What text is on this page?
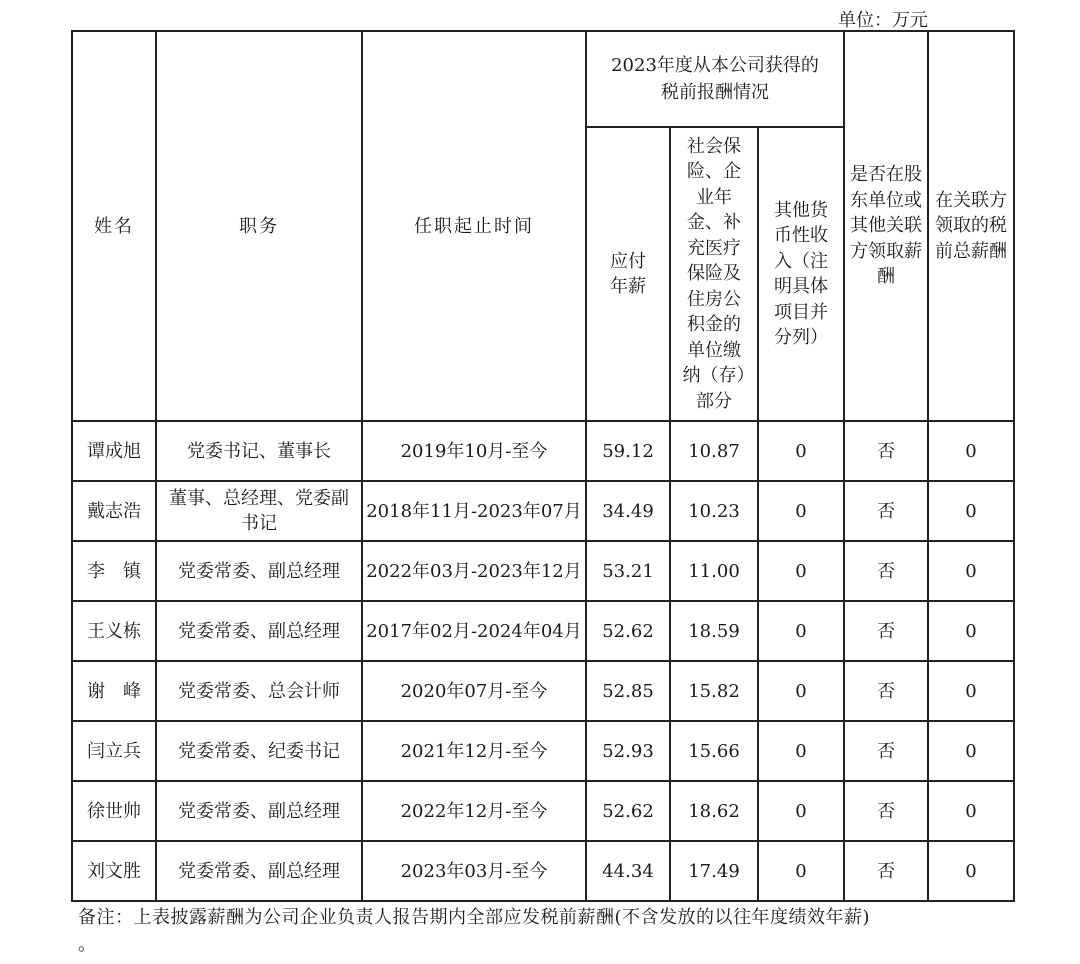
单位：万元
姓名	职务	任职起止时间	2023年度从本公司获得的税前报酬情况			是否在股东单位或其他关联方领取薪酬	在关联方领取的税前总薪酬

			应付年薪	社会保险、企业年金、补充医疗保险及住房公积金的单位缴纳（存）部分	其他货币性收入（注明具体项目并分列）		

谭成旭	党委书记、董事长	2019年10月-至今	59.12	10.87	0	否	0
戴志浩	董事、总经理、党委副书记	2018年11月-2023年07月	34.49	10.23	0	否	0
李　镇	党委常委、副总经理	2022年03月-2023年12月	53.21	11.00	0	否	0
王义栋	党委常委、副总经理	2017年02月-2024年04月	52.62	18.59	0	否	0
谢　峰	党委常委、总会计师	2020年07月-至今	52.85	15.82	0	否	0
闫立兵	党委常委、纪委书记	2021年12月-至今	52.93	15.66	0	否	0
徐世帅	党委常委、副总经理	2022年12月-至今	52.62	18.62	0	否	0
刘文胜	党委常委、副总经理	2023年03月-至今	44.34	17.49	0	否	0
备注：上表披露薪酬为公司企业负责人报告期内全部应发税前薪酬(不含发放的以往年度绩效年薪)
。
